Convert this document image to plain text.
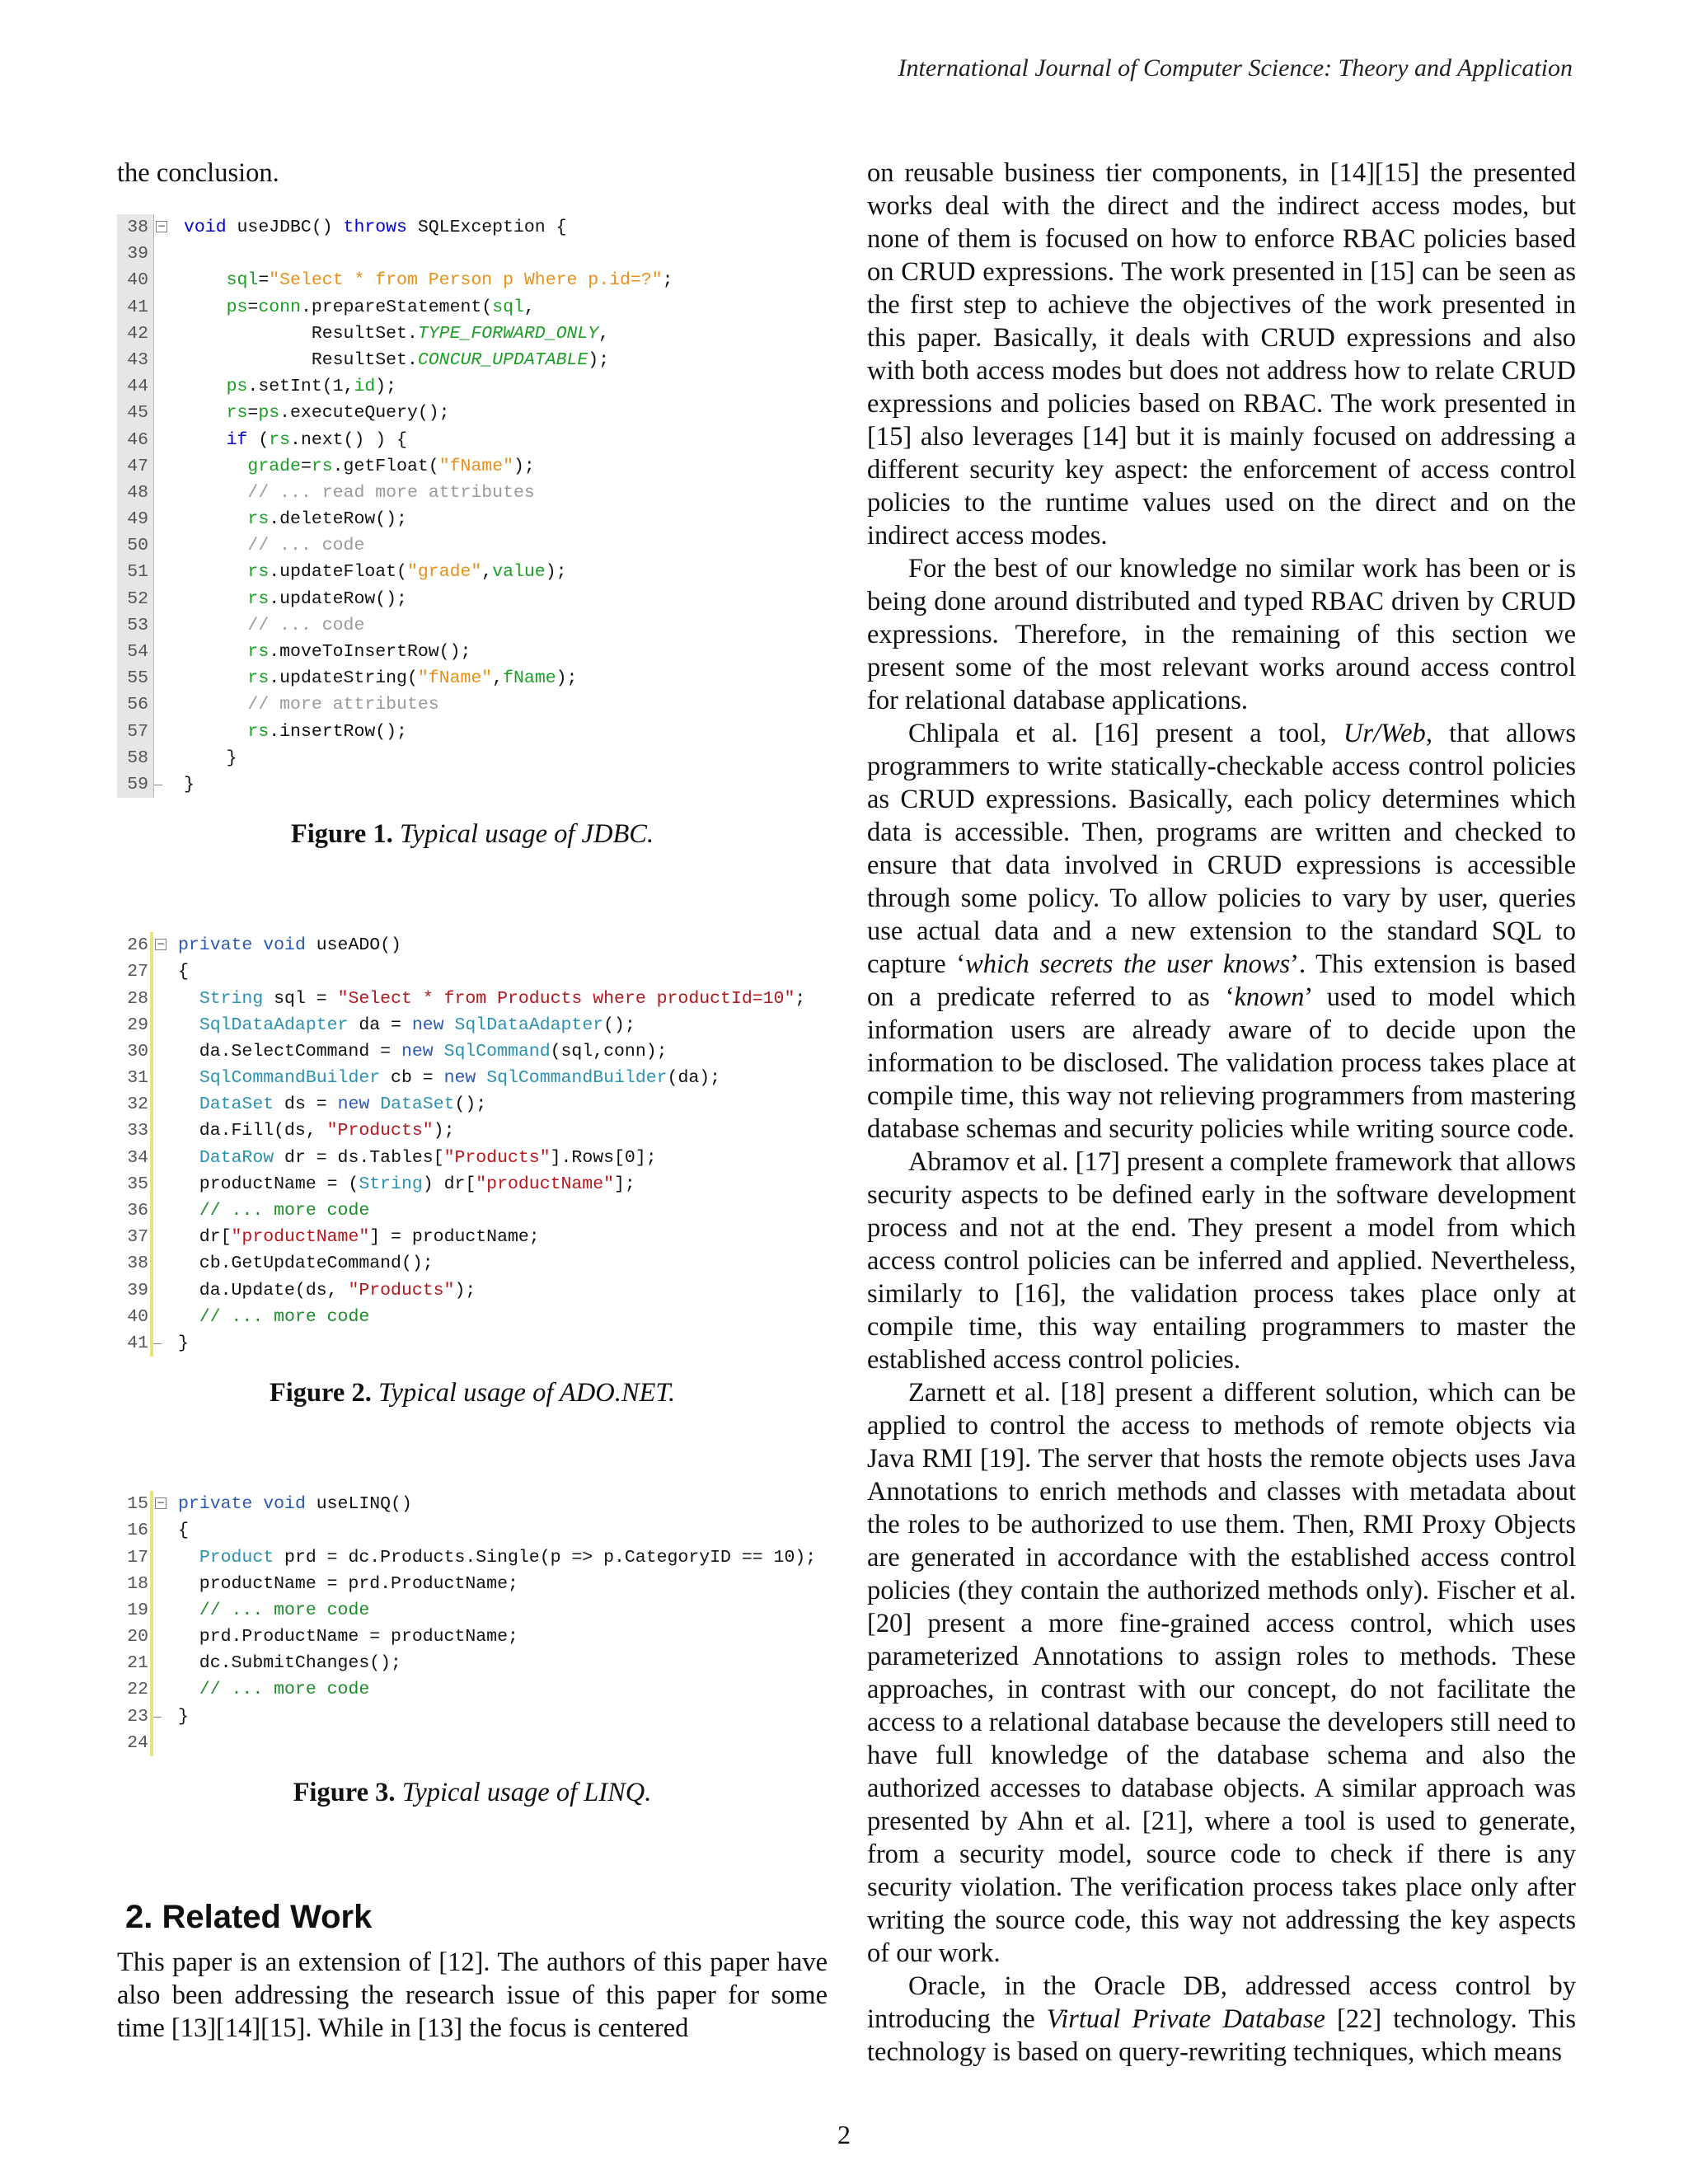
International Journal of Computer Science: Theory and Application

the conclusion.

38 − void useJDBC() throws SQLException {
39
40	sql="Select * from Person p Where p.id=?";
41	ps=conn.prepareStatement(sql,
42 ResultSet.TYPE_FORWARD_ONLY,
43 ResultSet.CONCUR_UPDATABLE);
44	ps.setInt(1,id);
45	rs=ps.executeQuery();
46	if (rs.next() ) {
47	grade=rs.getFloat("fName");
48	// ... read more attributes
49	rs.deleteRow();
50	// ... code
51	rs.updateFloat("grade",value);
52	rs.updateRow();
53	// ... code
54	rs.moveToInsertRow();
55	rs.updateString("fName",fName);
56	// more attributes
57	rs.insertRow();
58 }
59 }
Figure 1. Typical usage of JDBC.
26 − private void useADO()
27 {
28	String sql = "Select * from Products where productId=10";
29	SqlDataAdapter da = new SqlDataAdapter();
30 da.SelectCommand = new SqlCommand(sql,conn);
31	SqlCommandBuilder cb = new SqlCommandBuilder(da);
32	DataSet ds = new DataSet();
33 da.Fill(ds, "Products");
34	DataRow dr = ds.Tables["Products"].Rows[0];
35 productName = (String) dr["productName"];
36	// ... more code
37 dr["productName"] = productName;
38 cb.GetUpdateCommand();
39 da.Update(ds, "Products");
40	// ... more code
41 }
Figure 2. Typical usage of ADO.NET.
15 − private void useLINQ()
16 {
17	Product prd = dc.Products.Single(p => p.CategoryID == 10);
18 productName = prd.ProductName;
19	// ... more code
20 prd.ProductName = productName;
21 dc.SubmitChanges();
22	// ... more code
23 }
24
Figure 3. Typical usage of LINQ.
2. Related Work

This paper is an extension of [12]. The authors of this paper have also been addressing the research issue of this paper for some time [13][14][15]. While in [13] the focus is centered

on reusable business tier components, in [14][15] the presented works deal with the direct and the indirect access modes, but none of them is focused on how to enforce RBAC policies based on CRUD expressions. The work presented in [15] can be seen as the first step to achieve the objectives of the work presented in this paper. Basically, it deals with CRUD expressions and also with both access modes but does not address how to relate CRUD expressions and policies based on RBAC. The work presented in [15] also leverages [14] but it is mainly focused on addressing a different security key aspect: the enforcement of access control policies to the runtime values used on the direct and on the indirect access modes.

For the best of our knowledge no similar work has been or is being done around distributed and typed RBAC driven by CRUD expressions. Therefore, in the remaining of this section we present some of the most relevant works around access control for relational database applications.

Chlipala et al. [16] present a tool, Ur/Web, that allows programmers to write statically-checkable access control policies as CRUD expressions. Basically, each policy determines which data is accessible. Then, programs are written and checked to ensure that data involved in CRUD expressions is accessible through some policy. To allow policies to vary by user, queries use actual data and a new extension to the standard SQL to capture ‘which secrets the user knows’. This extension is based on a predicate referred to as ‘known’ used to model which information users are already aware of to decide upon the information to be disclosed. The validation process takes place at compile time, this way not relieving programmers from mastering database schemas and security policies while writing source code.

Abramov et al. [17] present a complete framework that allows security aspects to be defined early in the software development process and not at the end. They present a model from which access control policies can be inferred and applied. Nevertheless, similarly to [16], the validation process takes place only at compile time, this way entailing programmers to master the established access control policies.

Zarnett et al. [18] present a different solution, which can be applied to control the access to methods of remote objects via Java RMI [19]. The server that hosts the remote objects uses Java Annotations to enrich methods and classes with metadata about the roles to be authorized to use them. Then, RMI Proxy Objects are generated in accordance with the established access control policies (they contain the authorized methods only). Fischer et al. [20] present a more fine-grained access control, which uses parameterized Annotations to assign roles to methods. These approaches, in contrast with our concept, do not facilitate the access to a relational database because the developers still need to have full knowledge of the database schema and also the authorized accesses to database objects. A similar approach was presented by Ahn et al. [21], where a tool is used to generate, from a security model, source code to check if there is any security violation. The verification process takes place only after writing the source code, this way not addressing the key aspects of our work.

Oracle, in the Oracle DB, addressed access control by introducing the Virtual Private Database [22] technology. This technology is based on query-rewriting techniques, which means

2
